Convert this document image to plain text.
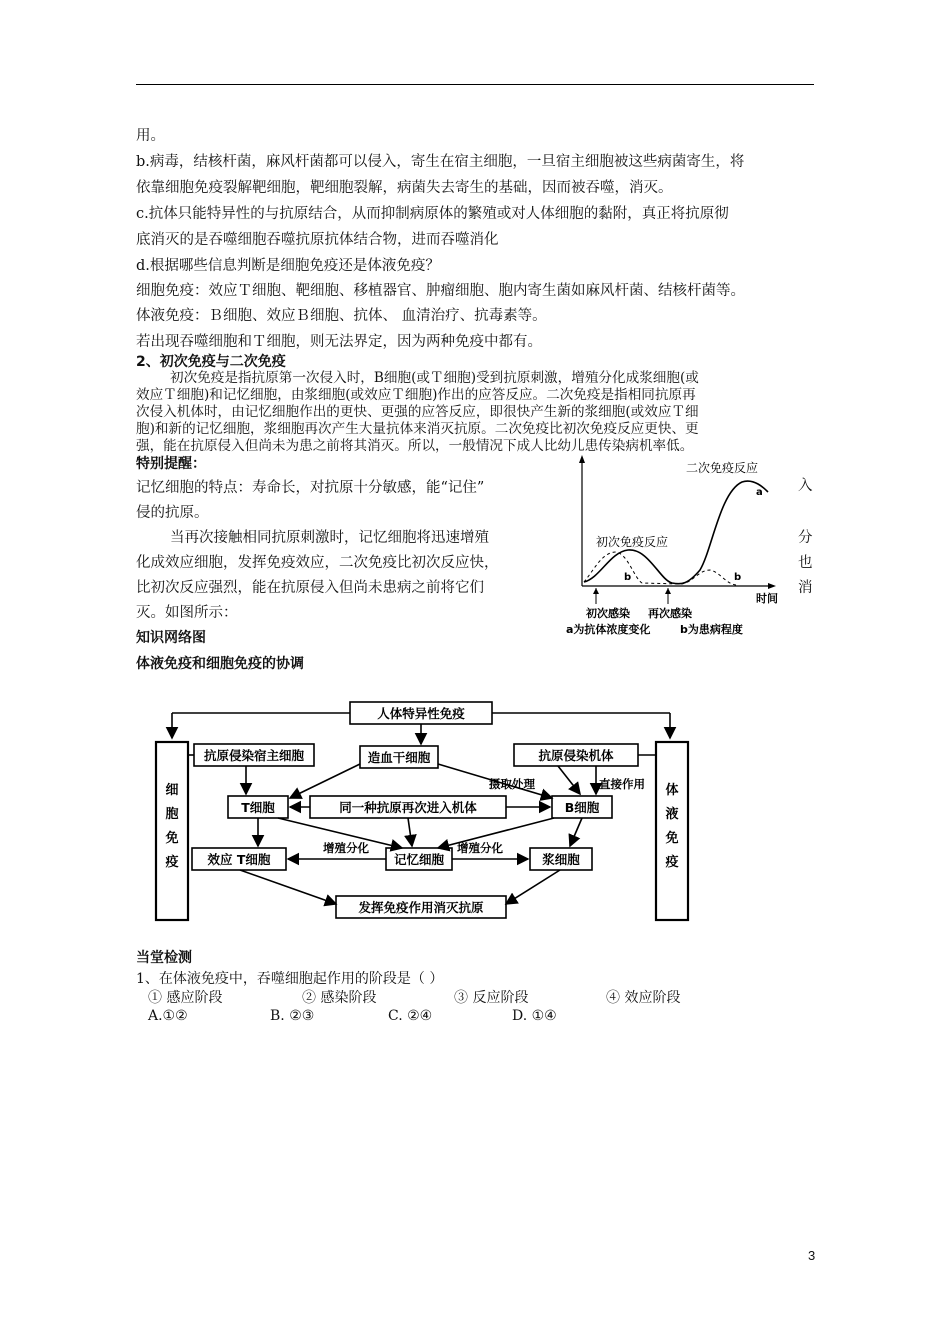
用。
b.病毒，结核杆菌，麻风杆菌都可以侵入，寄生在宿主细胞，一旦宿主细胞被这些病菌寄生，将
依靠细胞免疫裂解靶细胞，靶细胞裂解，病菌失去寄生的基础，因而被吞噬，消灭。
c.抗体只能特异性的与抗原结合，从而抑制病原体的繁殖或对人体细胞的黏附，真正将抗原彻
底消灭的是吞噬细胞吞噬抗原抗体结合物，进而吞噬消化
d.根据哪些信息判断是细胞免疫还是体液免疫？
细胞免疫：效应Ｔ细胞、靶细胞、移植器官、肿瘤细胞、胞内寄生菌如麻风杆菌、结核杆菌等。
体液免疫：Ｂ细胞、效应Ｂ细胞、抗体、 血清治疗、抗毒素等。
若出现吞噬细胞和Ｔ细胞，则无法界定，因为两种免疫中都有。
2、初次免疫与二次免疫
初次免疫是指抗原第一次侵入时，B细胞(或Ｔ细胞)受到抗原刺激，增殖分化成浆细胞(或
效应Ｔ细胞)和记忆细胞，由浆细胞(或效应Ｔ细胞)作出的应答反应。二次免疫是指相同抗原再
次侵入机体时，由记忆细胞作出的更快、更强的应答反应，即很快产生新的浆细胞(或效应Ｔ细
胞)和新的记忆细胞，浆细胞再次产生大量抗体来消灭抗原。二次免疫比初次免疫反应更快、更
强，能在抗原侵入但尚未为患之前将其消灭。所以，一般情况下成人比幼儿患传染病机率低。
特别提醒：
记忆细胞的特点：寿命长，对抗原十分敏感，能“记住”
侵的抗原。
当再次接触相同抗原刺激时，记忆细胞将迅速增殖
化成效应细胞，发挥免疫效应，二次免疫比初次反应快，
比初次反应强烈，能在抗原侵入但尚未患病之前将它们
灭。如图所示：
入
分
也
消
二次免疫反应
a
初次免疫反应
b	b
时间
初次感染 再次感染
a为抗体浓度变化	b为患病程度
知识网络图
体液免疫和细胞免疫的协调
人体特异性免疫
抗原侵染宿主细胞	造血干细胞	抗原侵染机体
T细胞	同一种抗原再次进入机体	B细胞
摄取处理	直接作用
效应 T细胞
增殖分化
记忆细胞
增殖分化
浆细胞
发挥免疫作用消灭抗原
细
胞
免
疫
体
液
免
疫
当堂检测
1、在体液免疫中，吞噬细胞起作用的阶段是（ ）
① 感应阶段	② 感染阶段	③ 反应阶段	④ 效应阶段
A.①②	B. ②③	C. ②④	D. ①④
3
